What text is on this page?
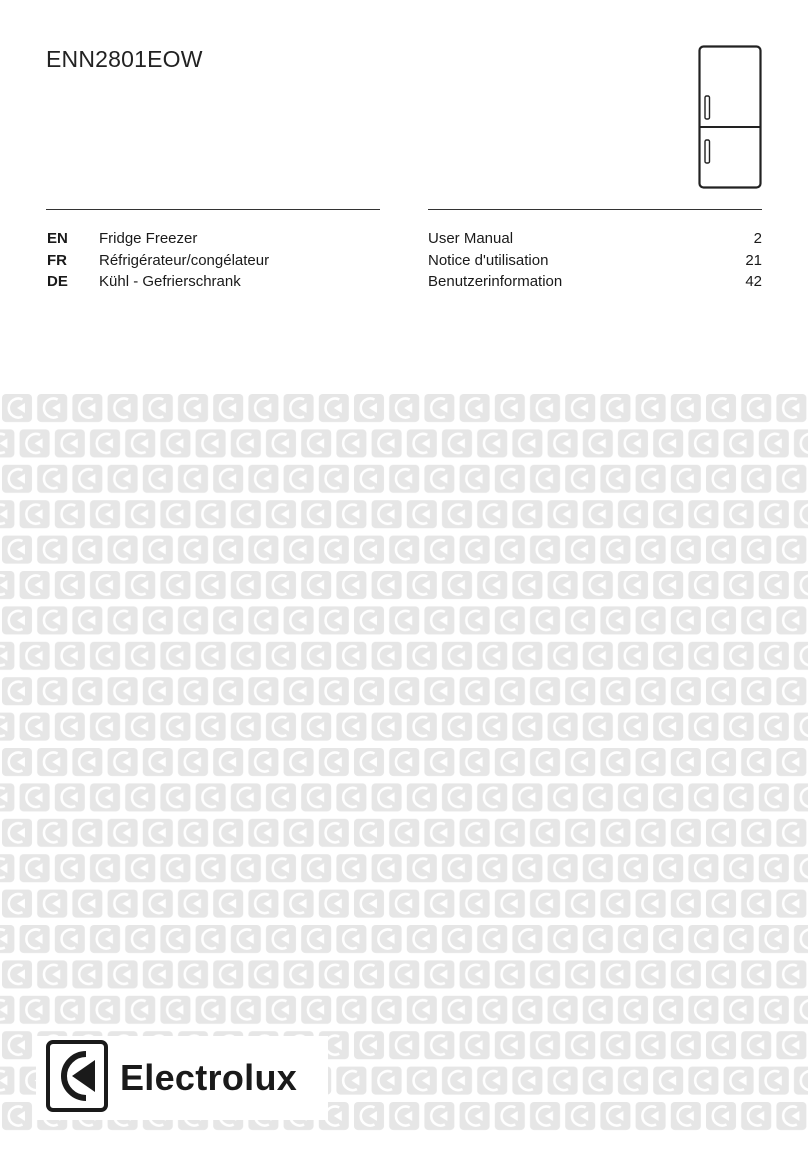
ENN2801EOW
EN Fridge Freezer	User Manual	2
FR Réfrigérateur/congélateur	Notice d'utilisation	21
DE Kühl - Gefrierschrank	Benutzerinformation	42
Electrolux
